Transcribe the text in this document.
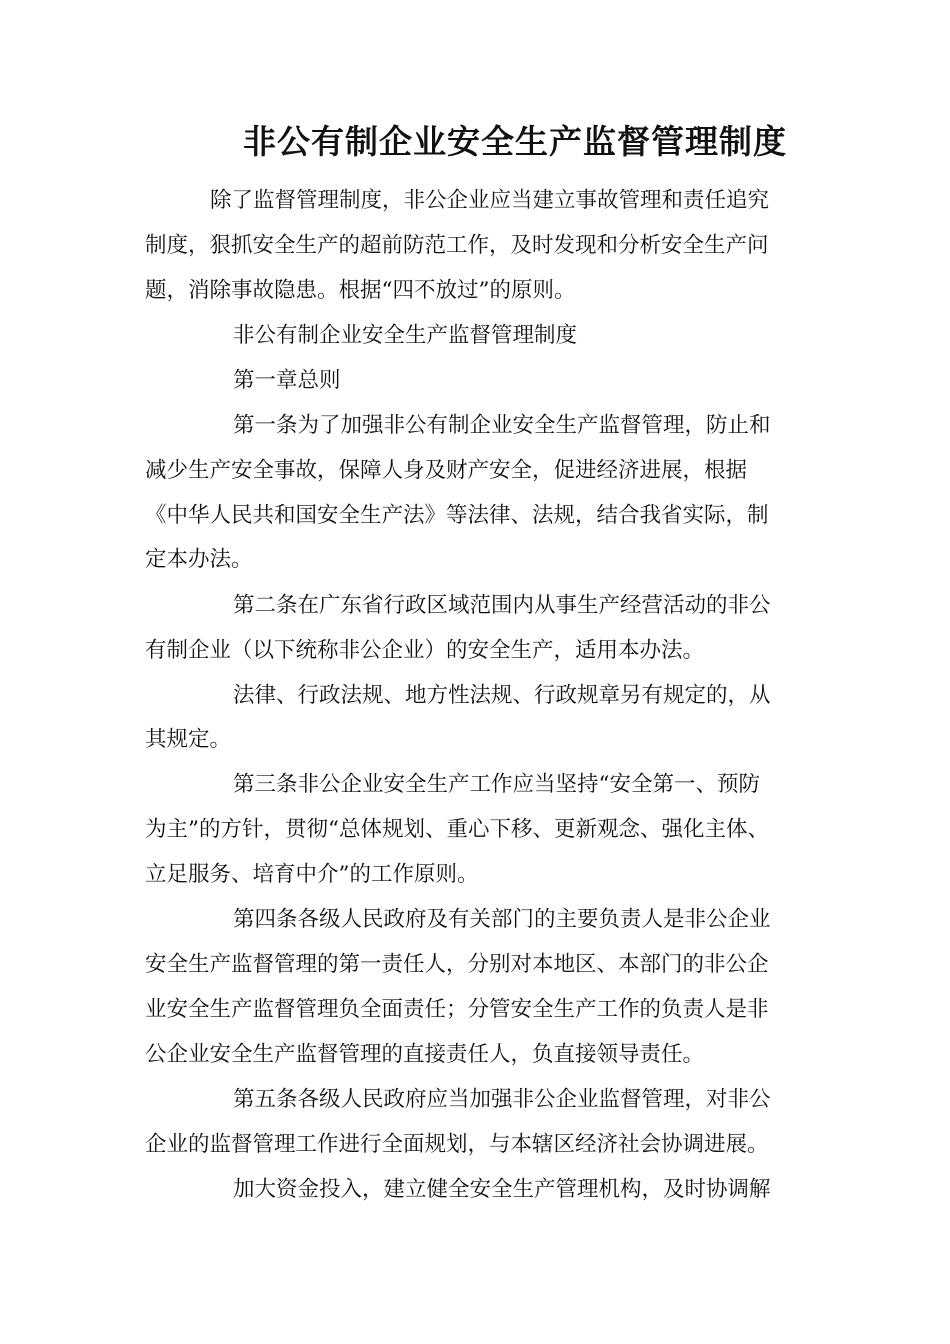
非公有制企业安全生产监督管理制度
除了监督管理制度，非公企业应当建立事故管理和责任追究
制度，狠抓安全生产的超前防范工作，及时发现和分析安全生产问
题，消除事故隐患。根据“四不放过”的原则。
非公有制企业安全生产监督管理制度
第一章总则
第一条为了加强非公有制企业安全生产监督管理，防止和
减少生产安全事故，保障人身及财产安全，促进经济进展，根据
《中华人民共和国安全生产法》等法律、法规，结合我省实际，制
定本办法。
第二条在广东省行政区域范围内从事生产经营活动的非公
有制企业（以下统称非公企业）的安全生产，适用本办法。
法律、行政法规、地方性法规、行政规章另有规定的，从
其规定。
第三条非公企业安全生产工作应当坚持“安全第一、预防
为主”的方针，贯彻“总体规划、重心下移、更新观念、强化主体、
立足服务、培育中介”的工作原则。
第四条各级人民政府及有关部门的主要负责人是非公企业
安全生产监督管理的第一责任人，分别对本地区、本部门的非公企
业安全生产监督管理负全面责任；分管安全生产工作的负责人是非
公企业安全生产监督管理的直接责任人，负直接领导责任。
第五条各级人民政府应当加强非公企业监督管理，对非公
企业的监督管理工作进行全面规划，与本辖区经济社会协调进展。
加大资金投入，建立健全安全生产管理机构，及时协调解
